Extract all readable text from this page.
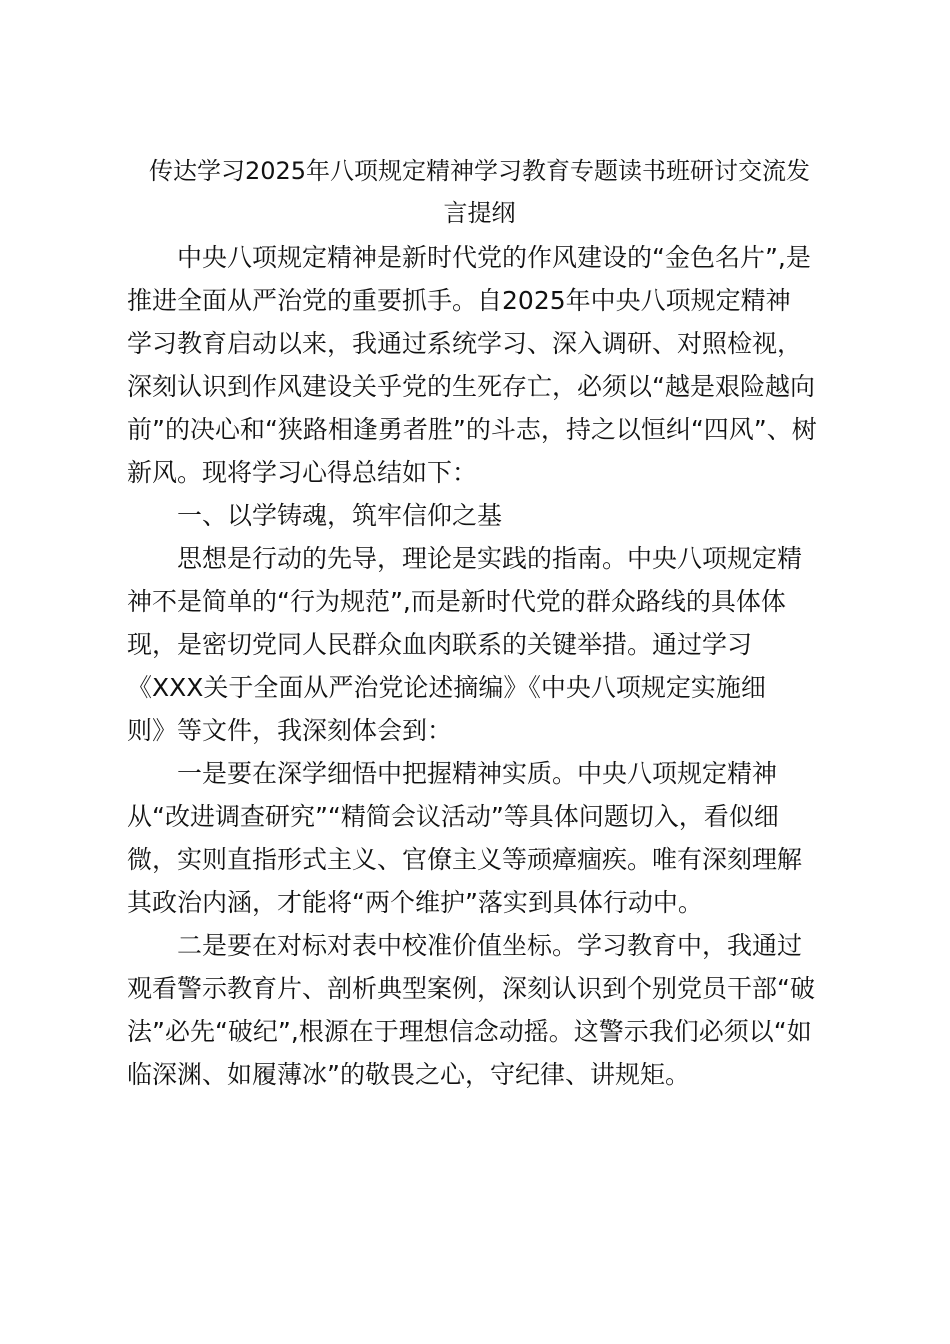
传达学习2025年八项规定精神学习教育专题读书班研讨交流发
言提纲

中央八项规定精神是新时代党的作风建设的“金色名片”,是
推进全面从严治党的重要抓手。自2025年中央八项规定精神
学习教育启动以来，我通过系统学习、深入调研、对照检视，
深刻认识到作风建设关乎党的生死存亡，必须以“越是艰险越向
前”的决心和“狭路相逢勇者胜”的斗志，持之以恒纠“四风”、树
新风。现将学习心得总结如下：

一、以学铸魂，筑牢信仰之基

思想是行动的先导，理论是实践的指南。中央八项规定精
神不是简单的“行为规范”,而是新时代党的群众路线的具体体
现，是密切党同人民群众血肉联系的关键举措。通过学习
《XXX关于全面从严治党论述摘编》《中央八项规定实施细
则》等文件，我深刻体会到：

一是要在深学细悟中把握精神实质。中央八项规定精神
从“改进调查研究”“精简会议活动”等具体问题切入，看似细
微，实则直指形式主义、官僚主义等顽瘴痼疾。唯有深刻理解
其政治内涵，才能将“两个维护”落实到具体行动中。

二是要在对标对表中校准价值坐标。学习教育中，我通过
观看警示教育片、剖析典型案例，深刻认识到个别党员干部“破
法”必先“破纪”,根源在于理想信念动摇。这警示我们必须以“如
临深渊、如履薄冰”的敬畏之心，守纪律、讲规矩。
